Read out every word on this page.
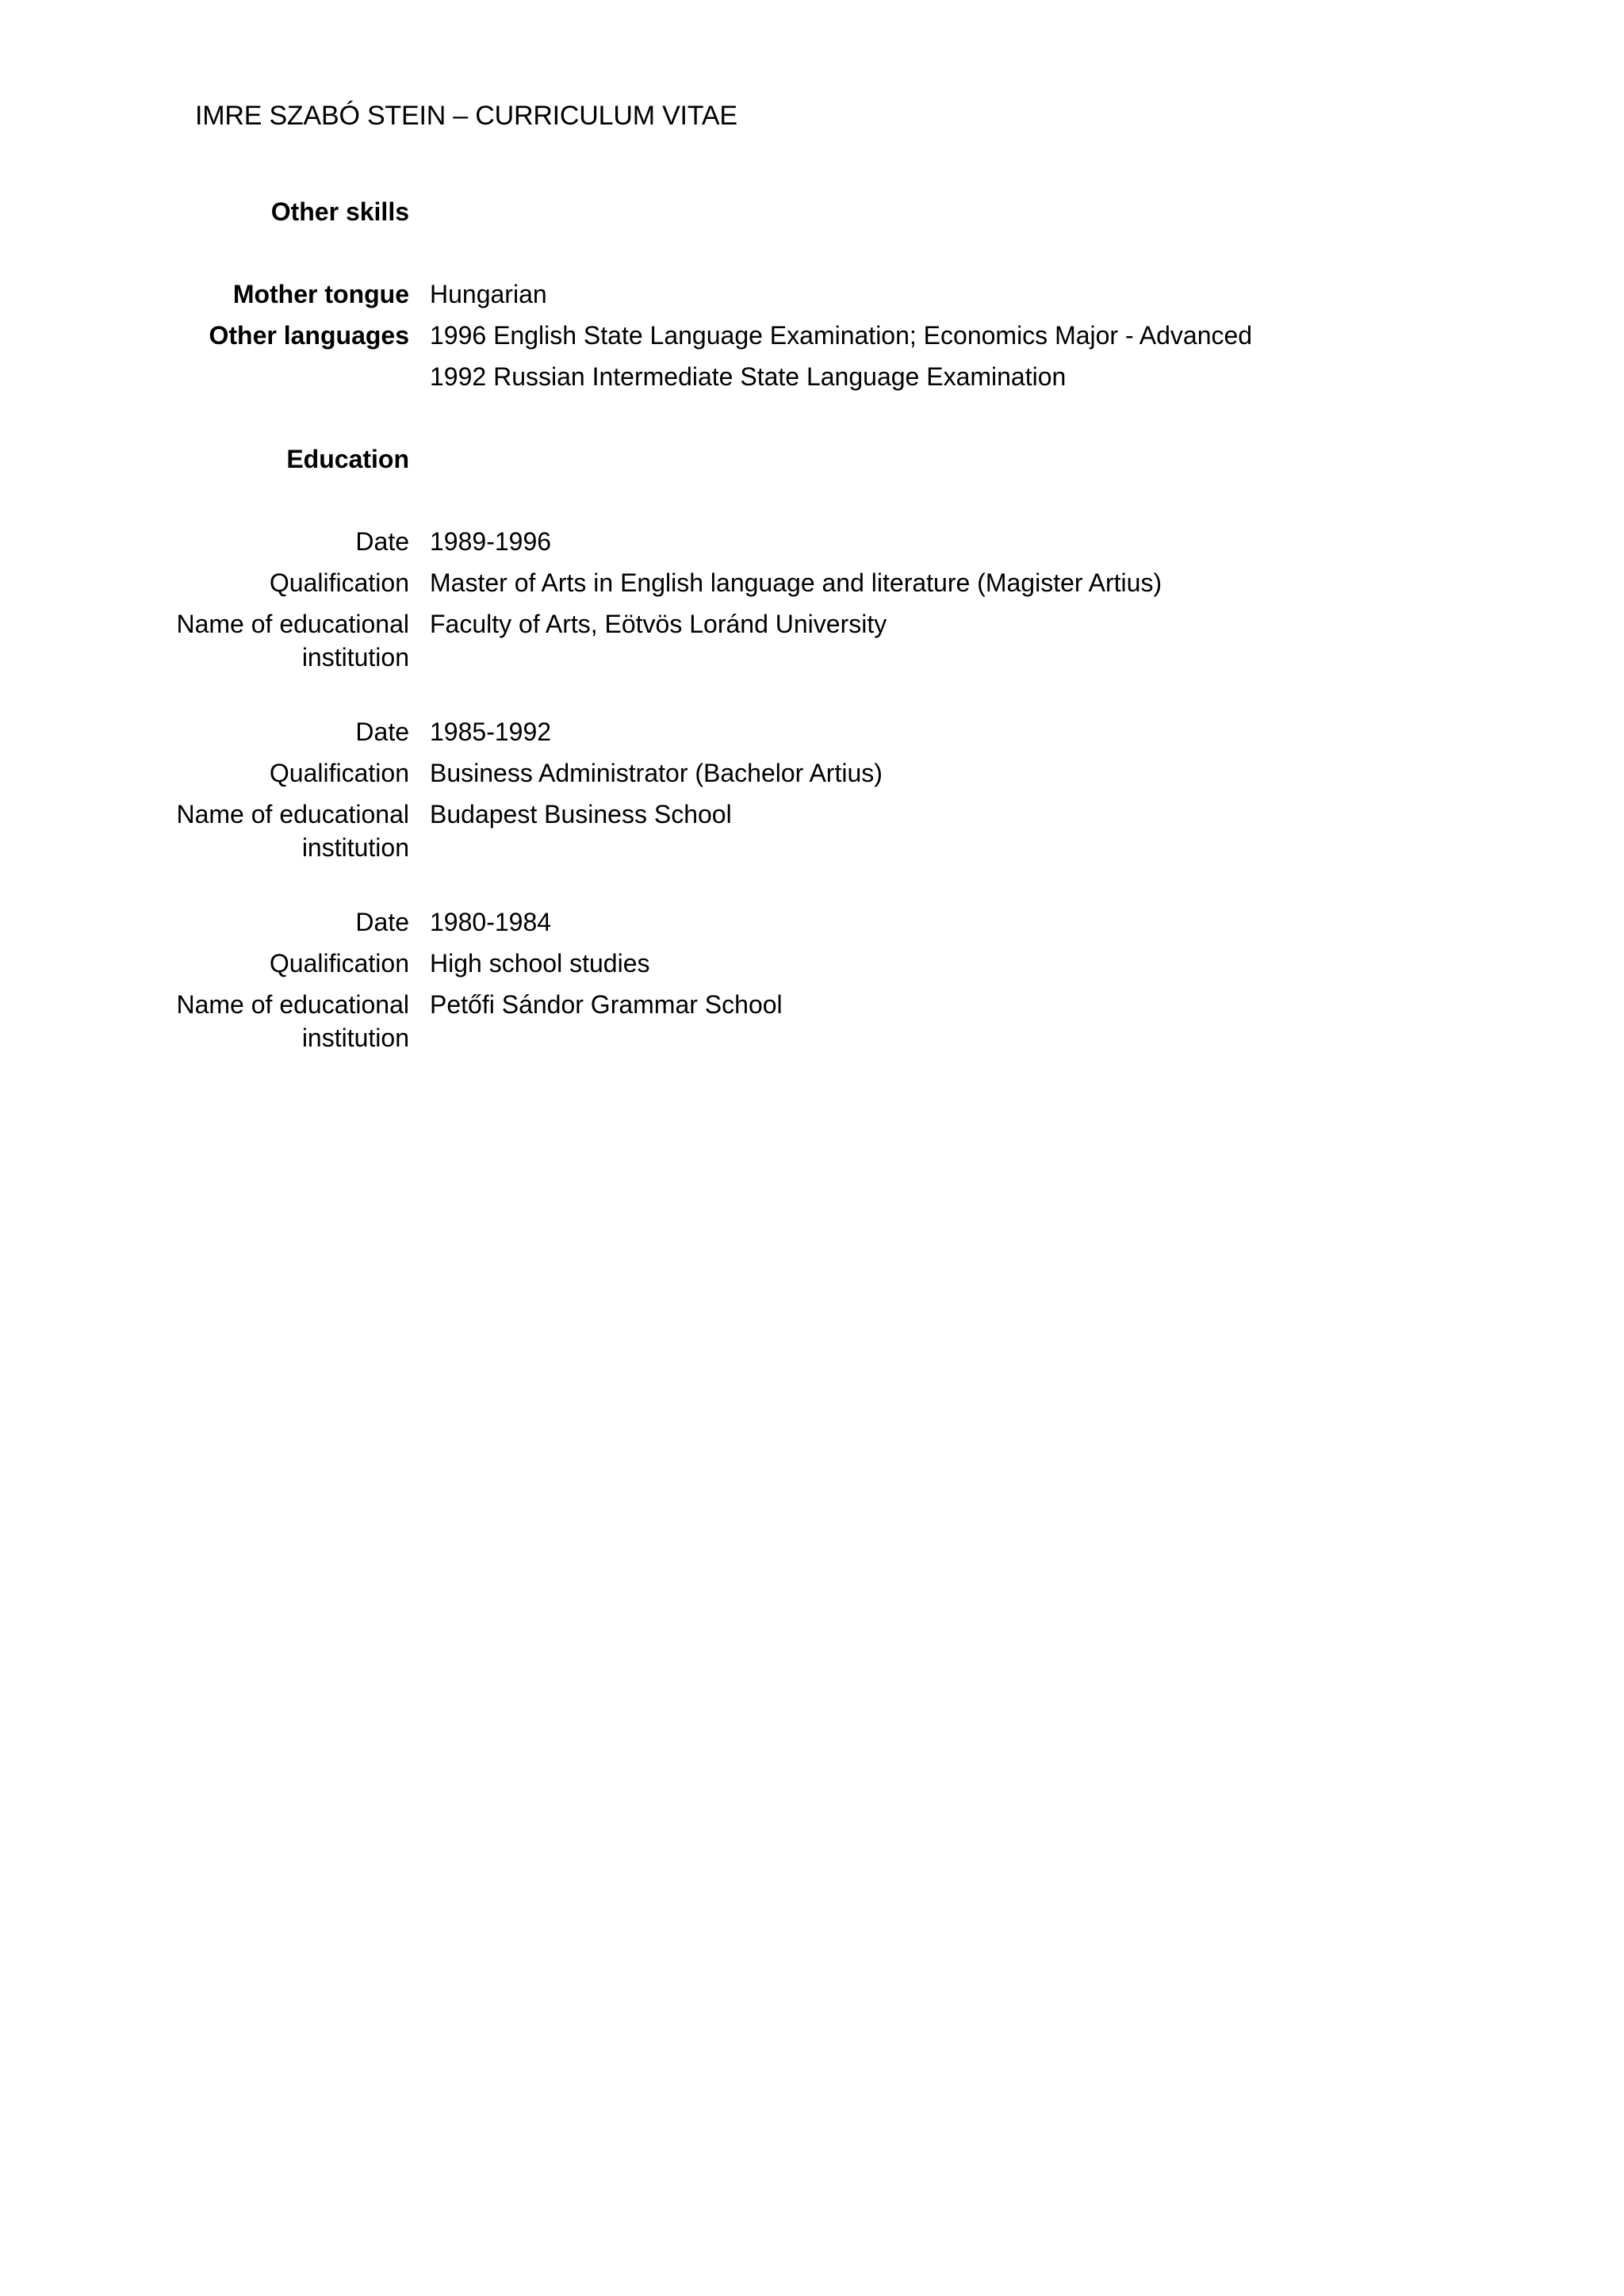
IMRE SZABÓ STEIN – CURRICULUM VITAE
Other skills
Mother tongue Hungarian
Other languages 1996 English State Language Examination; Economics Major - Advanced
1992 Russian Intermediate State Language Examination
Education
Date 1989-1996
Qualification Master of Arts in English language and literature (Magister Artius)
Name of educational
institution
Faculty of Arts, Eötvös Loránd University
Date 1985-1992
Qualification Business Administrator (Bachelor Artius)
Name of educational
institution
Budapest Business School
Date 1980-1984
Qualification High school studies
Name of educational
institution
Petőfi Sándor Grammar School
